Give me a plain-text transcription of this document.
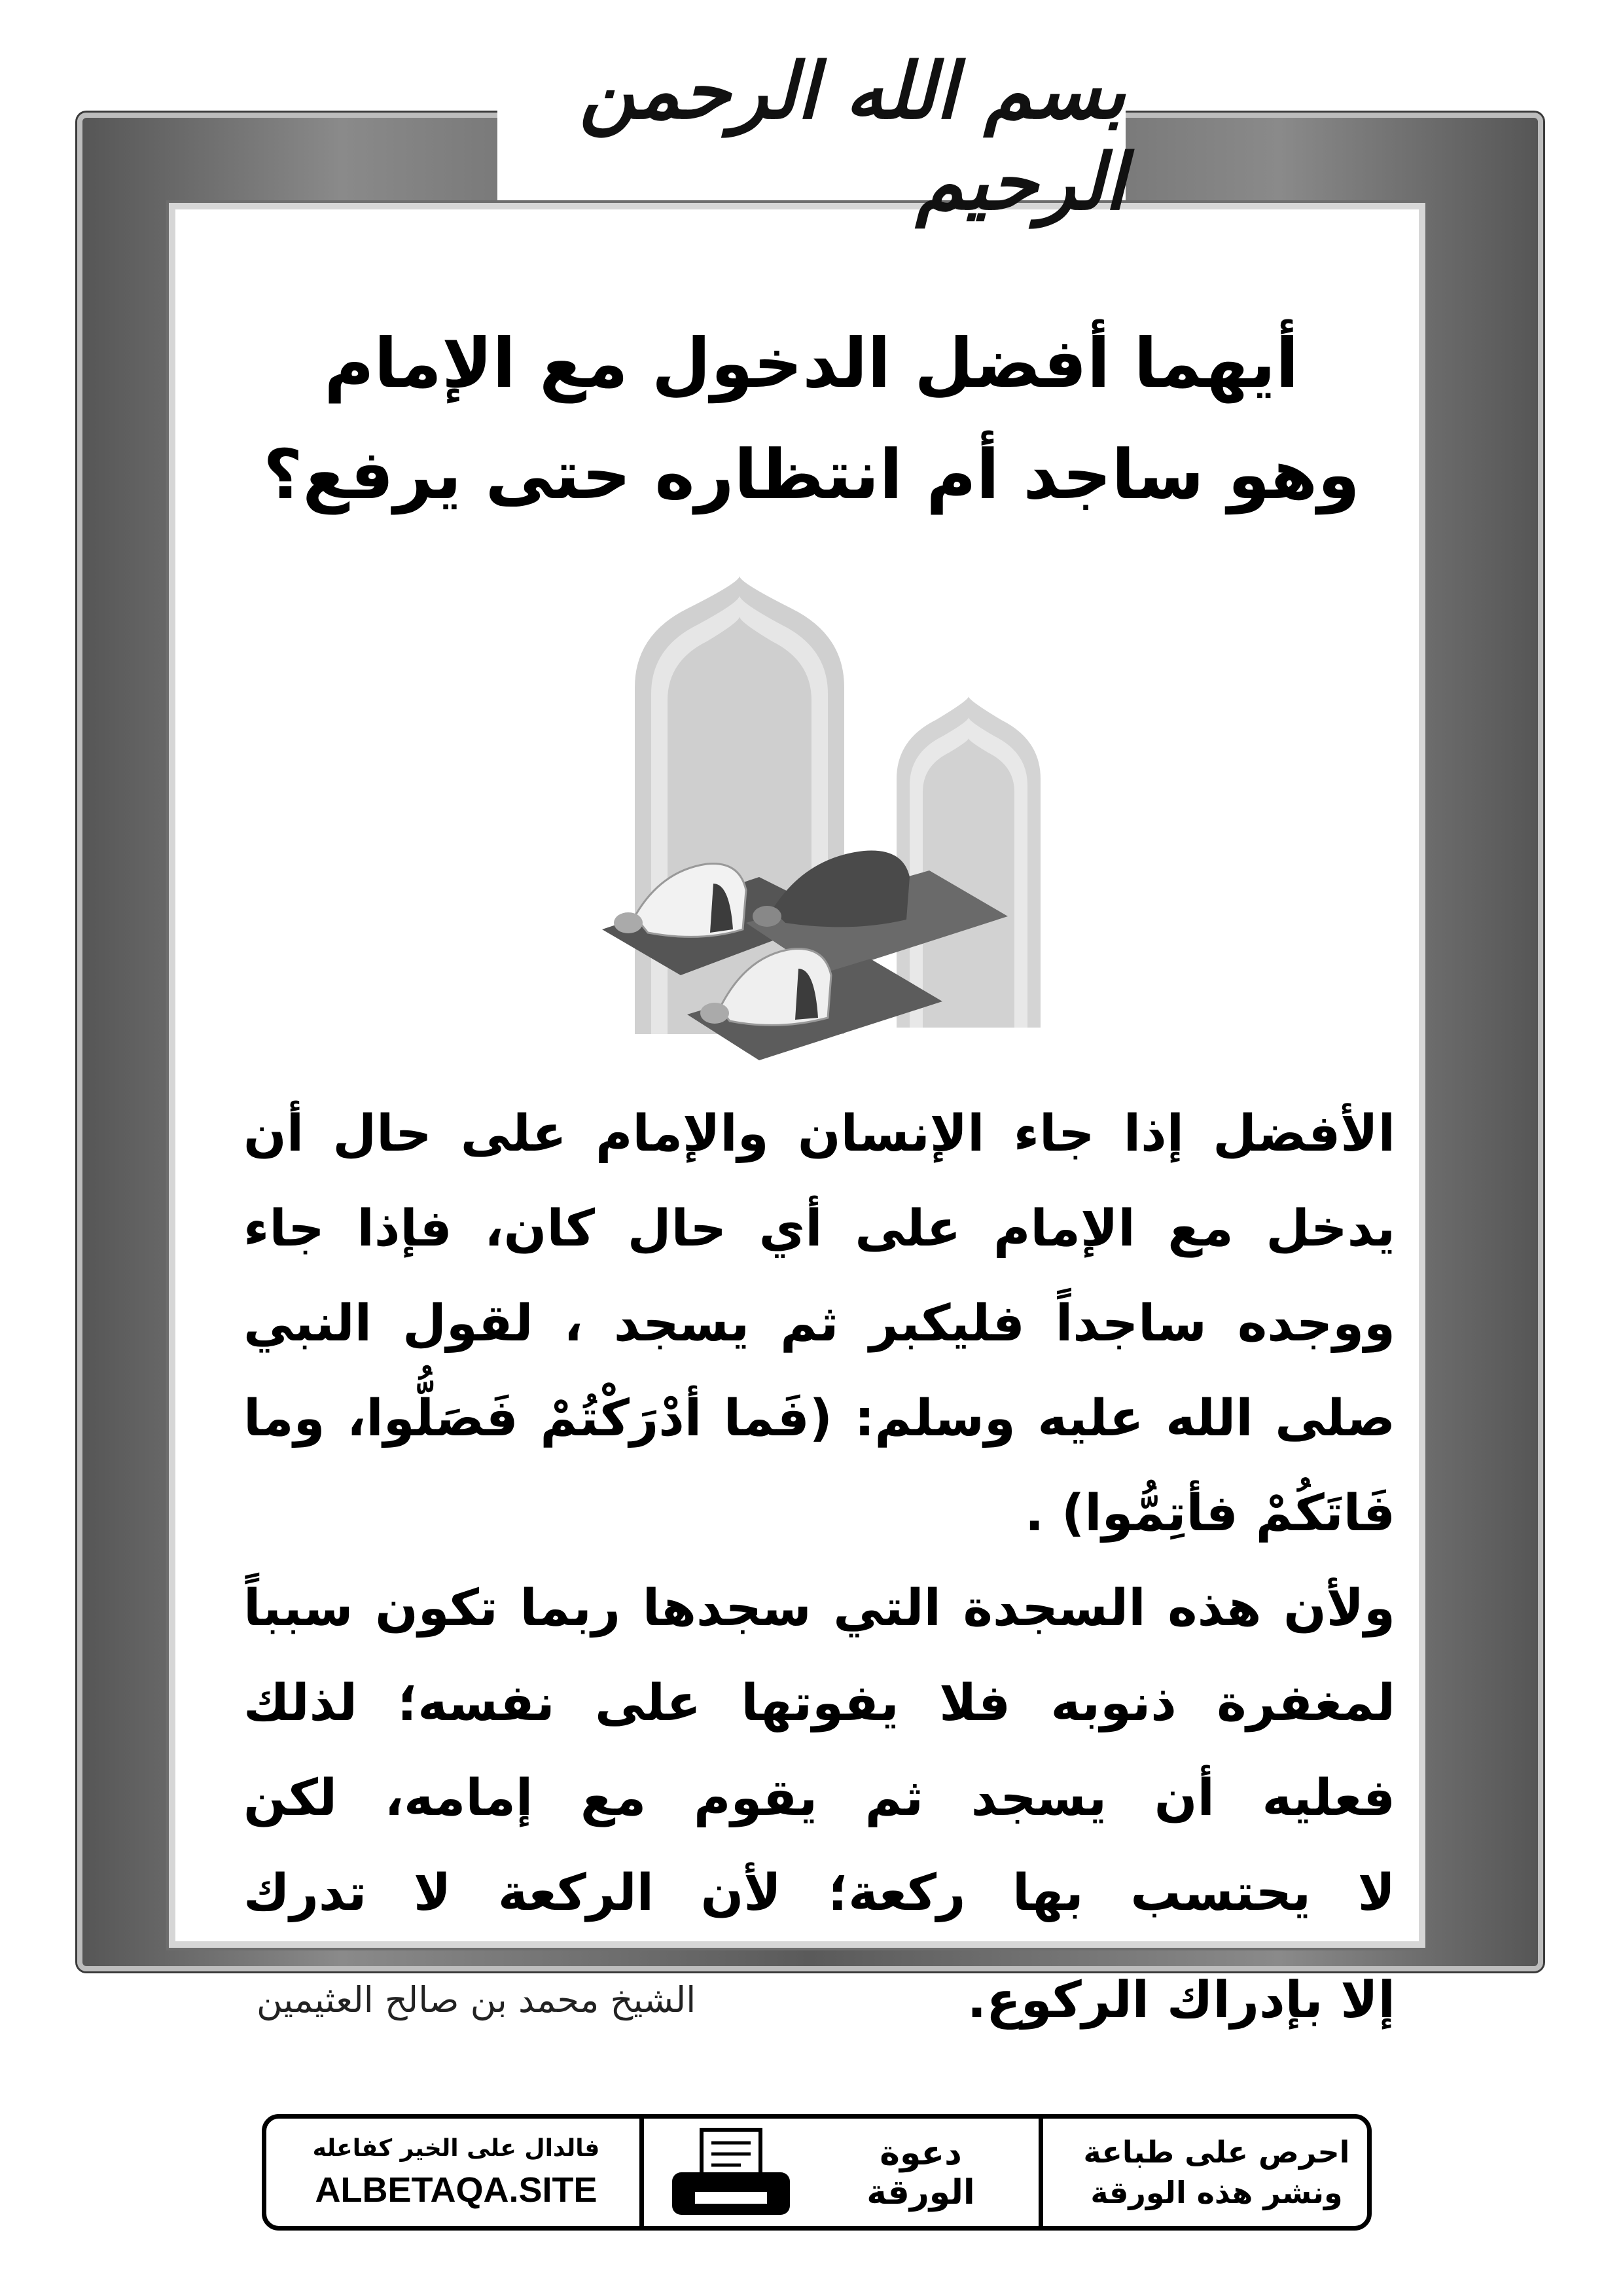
بسم الله الرحمن الرحيم
أيهما أفضل الدخول مع الإمام
وهو ساجد أم انتظاره حتى يرفع؟

الأفضل إذا جاء الإنسان والإمام على حال أن
يدخل مع الإمام على أي حال كان، فإذا جاء
ووجده ساجداً فليكبر ثم يسجد ، لقول النبي
صلى الله عليه وسلم: (فَما أدْرَكْتُمْ فَصَلُّوا، وما
فَاتَكُمْ فأتِمُّوا) .

ولأن هذه السجدة التي سجدها ربما تكون سبباً
لمغفرة ذنوبه فلا يفوتها على نفسه؛ لذلك
فعليه أن يسجد ثم يقوم مع إمامه، لكن
لا يحتسب بها ركعة؛ لأن الركعة لا تدرك

إلا بإدراك الركوع.
الشيخ محمد بن صالح العثيمين
احرص على طباعة
ونشر هذه الورقة
دعوة
الورقة
فالدال على الخير كفاعله
ALBETAQA.SITE
